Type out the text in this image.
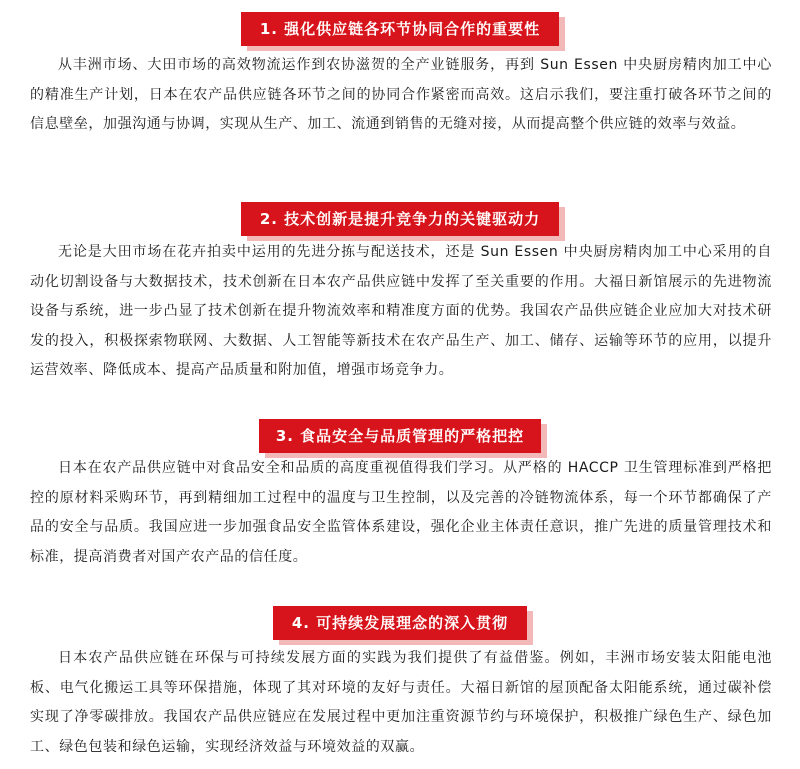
1. 强化供应链各环节协同合作的重要性
从丰洲市场、大田市场的高效物流运作到农协滋贺的全产业链服务，再到 Sun Essen 中央厨房精肉加工中心的精准生产计划，日本在农产品供应链各环节之间的协同合作紧密而高效。这启示我们，要注重打破各环节之间的信息壁垒，加强沟通与协调，实现从生产、加工、流通到销售的无缝对接，从而提高整个供应链的效率与效益。
2. 技术创新是提升竞争力的关键驱动力
无论是大田市场在花卉拍卖中运用的先进分拣与配送技术，还是 Sun Essen 中央厨房精肉加工中心采用的自动化切割设备与大数据技术，技术创新在日本农产品供应链中发挥了至关重要的作用。大福日新馆展示的先进物流设备与系统，进一步凸显了技术创新在提升物流效率和精准度方面的优势。我国农产品供应链企业应加大对技术研发的投入，积极探索物联网、大数据、人工智能等新技术在农产品生产、加工、储存、运输等环节的应用，以提升运营效率、降低成本、提高产品质量和附加值，增强市场竞争力。
3. 食品安全与品质管理的严格把控
日本在农产品供应链中对食品安全和品质的高度重视值得我们学习。从严格的 HACCP 卫生管理标准到严格把控的原材料采购环节，再到精细加工过程中的温度与卫生控制，以及完善的冷链物流体系，每一个环节都确保了产品的安全与品质。我国应进一步加强食品安全监管体系建设，强化企业主体责任意识，推广先进的质量管理技术和标准，提高消费者对国产农产品的信任度。
4. 可持续发展理念的深入贯彻
日本农产品供应链在环保与可持续发展方面的实践为我们提供了有益借鉴。例如，丰洲市场安装太阳能电池板、电气化搬运工具等环保措施，体现了其对环境的友好与责任。大福日新馆的屋顶配备太阳能系统，通过碳补偿实现了净零碳排放。我国农产品供应链应在发展过程中更加注重资源节约与环境保护，积极推广绿色生产、绿色加工、绿色包装和绿色运输，实现经济效益与环境效益的双赢。
